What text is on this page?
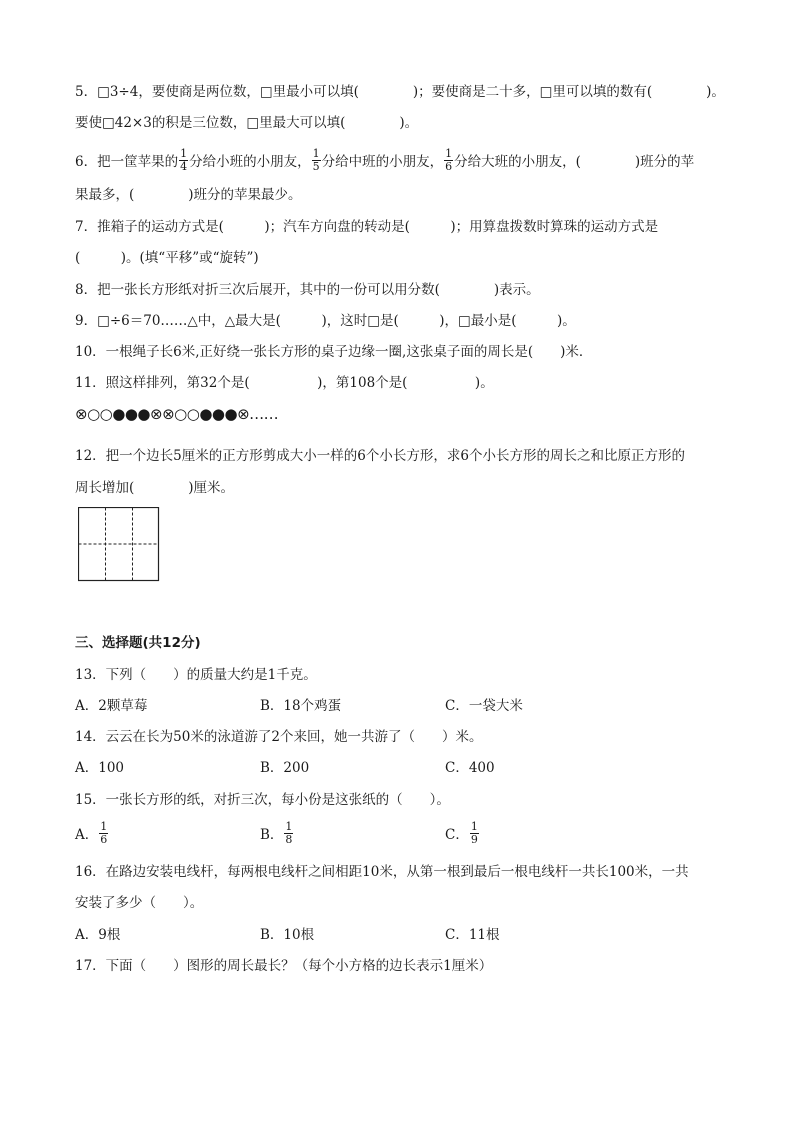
5．□3÷4，要使商是两位数，□里最小可以填(　　　　)；要使商是二十多，□里可以填的数有(　　　　)。
要使□42×3的积是三位数，□里最大可以填(　　　　)。
6．把一筐苹果的 $\frac{1}{4}$ 分给小班的小朋友， $\frac{1}{5}$ 分给中班的小朋友， $\frac{1}{6}$ 分给大班的小朋友，(　　　　)班分的苹
果最多，(　　　　)班分的苹果最少。
7．推箱子的运动方式是(　　　)；汽车方向盘的转动是(　　　)；用算盘拨数时算珠的运动方式是
(　　　)。(填“平移”或“旋转”)
8．把一张长方形纸对折三次后展开，其中的一份可以用分数(　　　　)表示。
9．□÷6＝70……△中，△最大是(　　　)，这时□是(　　　)，□最小是(　　　)。
10．一根绳子长6米,正好绕一张长方形的桌子边缘一圈,这张桌子面的周长是(　　)米．
11．照这样排列，第32个是(　　　　　)，第108个是(　　　　　)。
⊗○○●●●⊗⊗○○●●●⊗……
12．把一个边长5厘米的正方形剪成大小一样的6个小长方形，求6个小长方形的周长之和比原正方形的
周长增加(　　　　)厘米。
三、选择题(共12分)
13．下列（　　）的质量大约是1千克。
A．2颗草莓	B．18个鸡蛋	C．一袋大米
14．云云在长为50米的泳道游了2个来回，她一共游了（　　）米。
A．100	B．200	C．400
15．一张长方形的纸，对折三次，每小份是这张纸的（　　）。
A． $\frac{1}{6}$	B． $\frac{1}{8}$	C． $\frac{1}{9}$
16．在路边安装电线杆，每两根电线杆之间相距10米，从第一根到最后一根电线杆一共长100米，一共
安装了多少（　　）。
A．9根	B．10根	C．11根
17．下面（　　）图形的周长最长？（每个小方格的边长表示1厘米）
